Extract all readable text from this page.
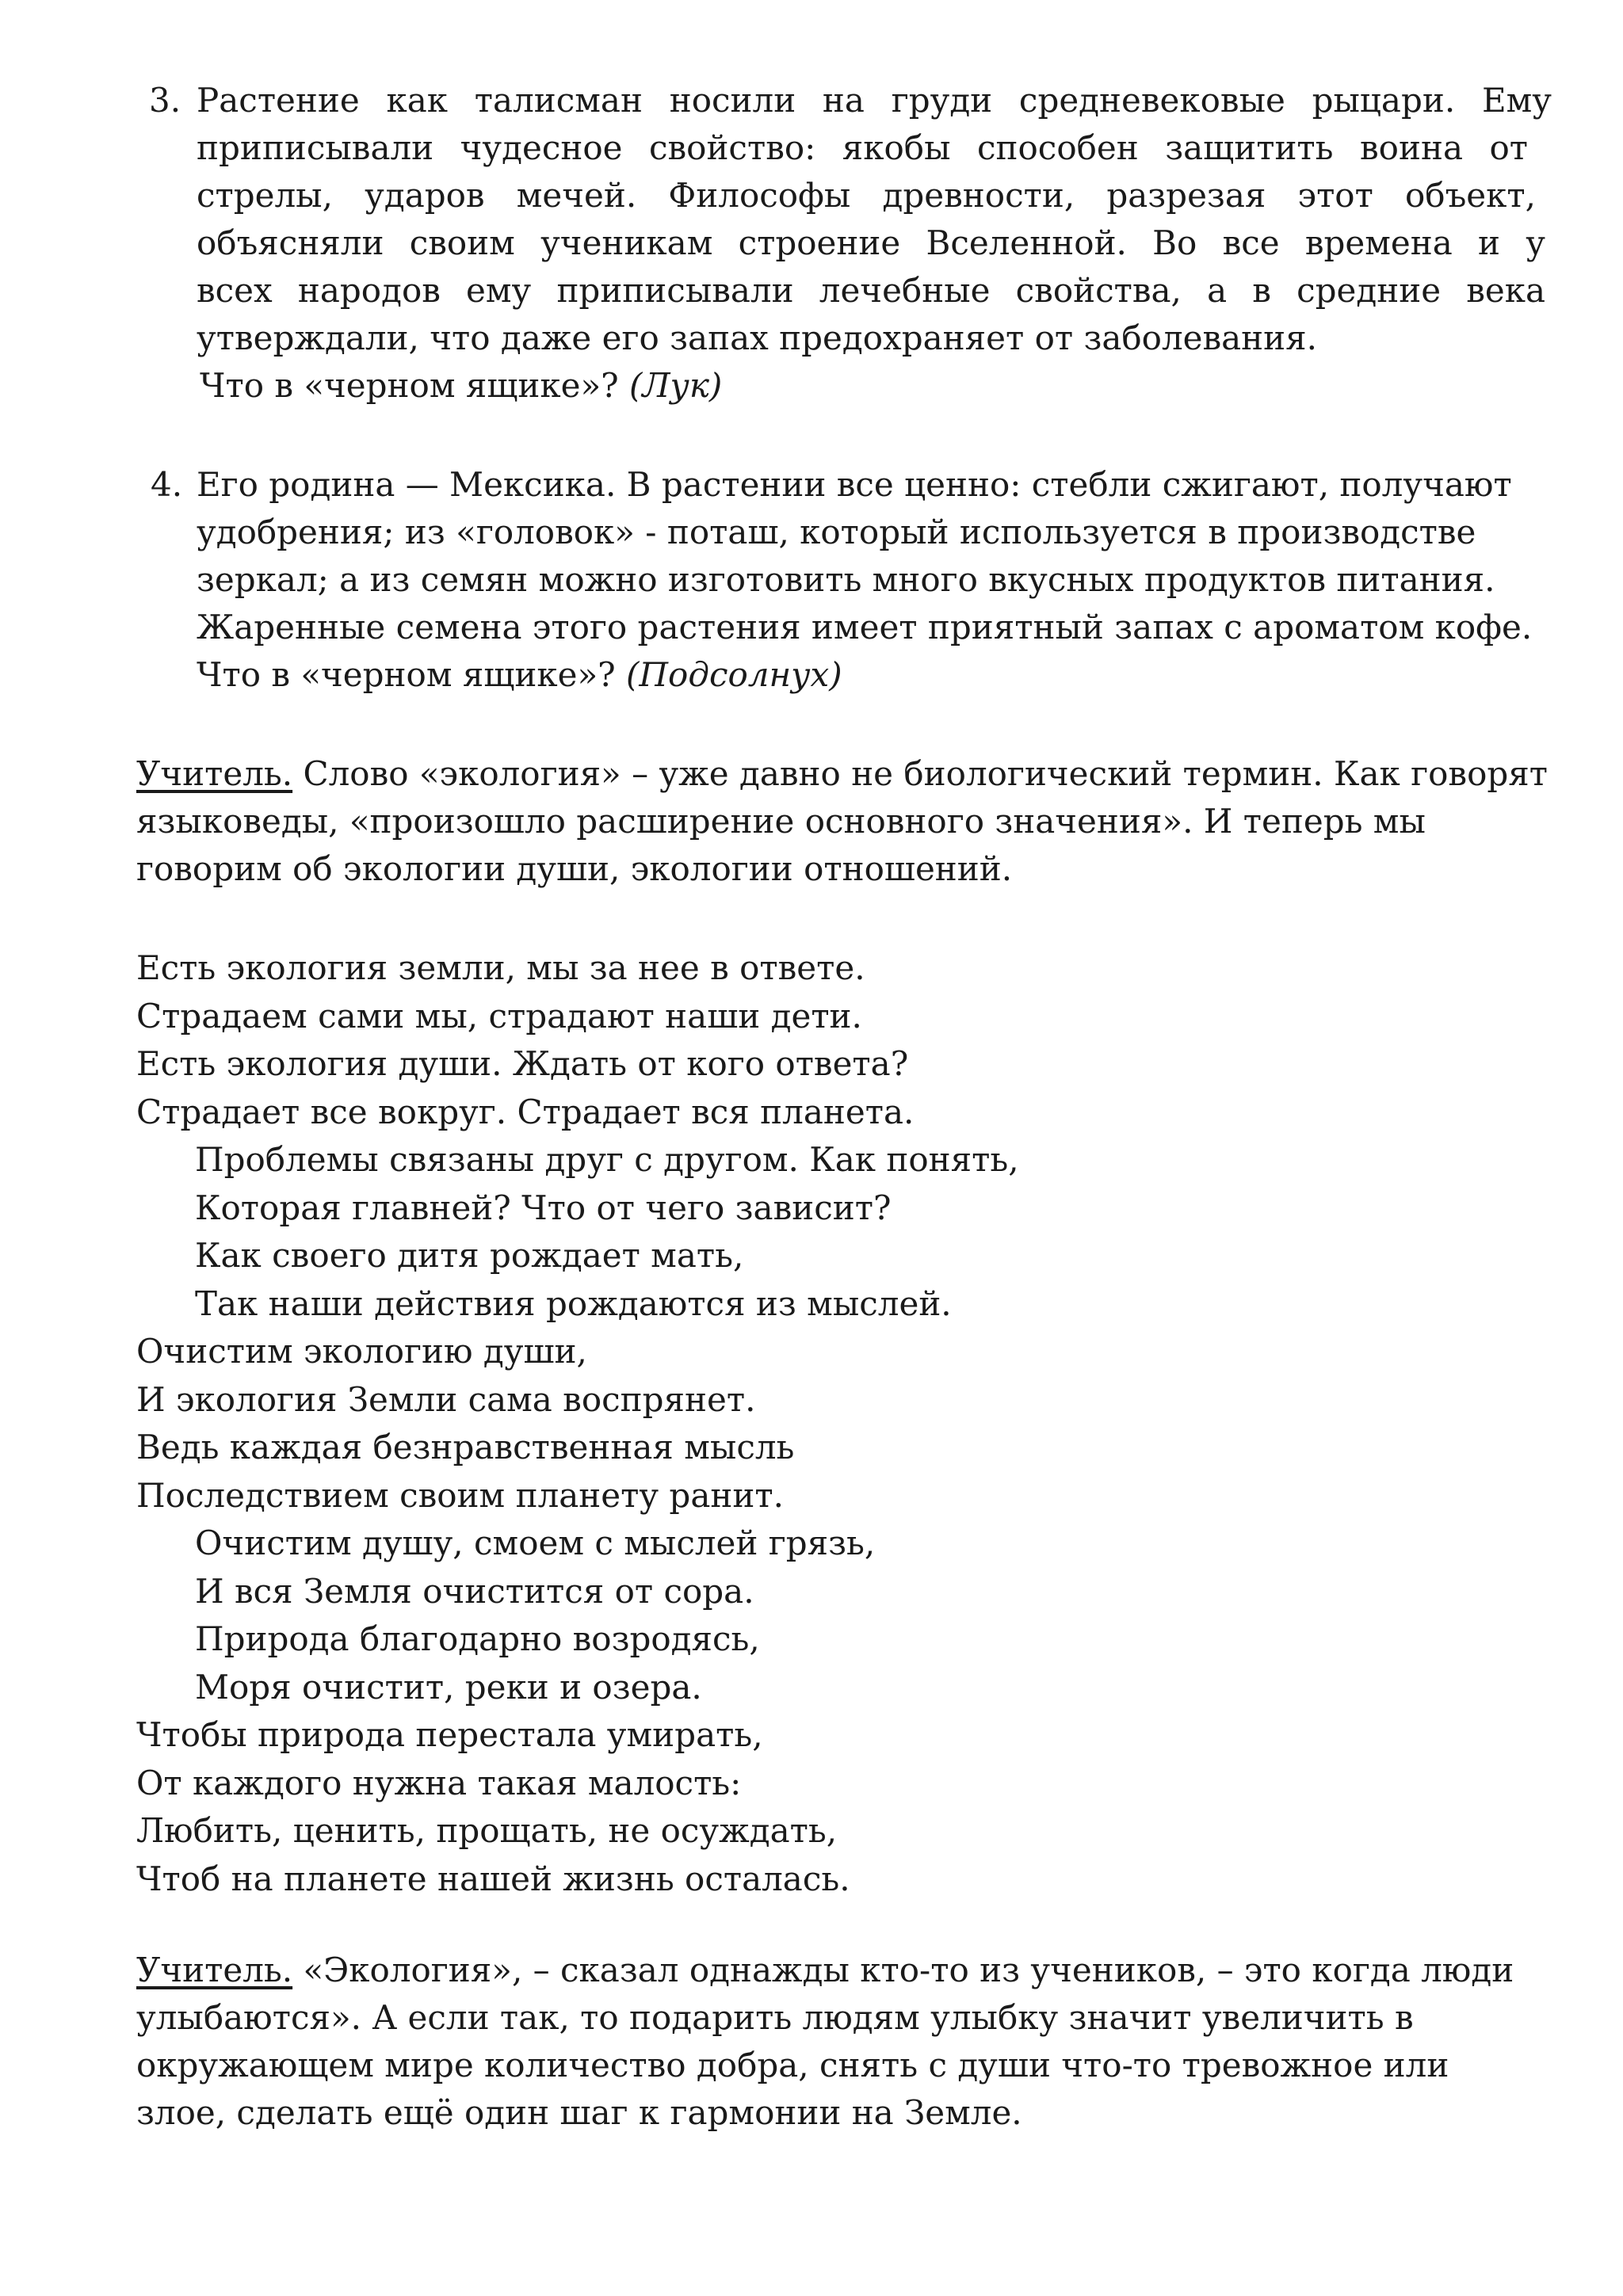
3. Растение как талисман носили на груди средневековые рыцари. Ему
приписывали чудесное свойство: якобы способен защитить воина от
стрелы, ударов мечей. Философы древности, разрезая этот объект,
объясняли своим ученикам строение Вселенной. Во все времена и у
всех народов ему приписывали лечебные свойства, а в средние века
утверждали, что даже его запах предохраняет от заболевания.
Что в «черном ящике»? (Лук)
4. Его родина — Мексика. В растении все ценно: стебли сжигают, получают
удобрения; из «головок» - поташ, который используется в производстве
зеркал; а из семян можно изготовить много вкусных продуктов питания.
Жаренные семена этого растения имеет приятный запах с ароматом кофе.
Что в «черном ящике»? (Подсолнух)
Учитель. Слово «экология» – уже давно не биологический термин. Как говорят
языковеды, «произошло расширение основного значения». И теперь мы
говорим об экологии души, экологии отношений.
Есть экология земли, мы за нее в ответе.
Страдаем сами мы, страдают наши дети.
Есть экология души. Ждать от кого ответа?
Страдает все вокруг. Страдает вся планета.
Проблемы связаны друг с другом. Как понять,
Которая главней? Что от чего зависит?
Как своего дитя рождает мать,
Так наши действия рождаются из мыслей.
Очистим экологию души,
И экология Земли сама воспрянет.
Ведь каждая безнравственная мысль
Последствием своим планету ранит.
Очистим душу, смоем с мыслей грязь,
И вся Земля очистится от сора.
Природа благодарно возродясь,
Моря очистит, реки и озера.
Чтобы природа перестала умирать,
От каждого нужна такая малость:
Любить, ценить, прощать, не осуждать,
Чтоб на планете нашей жизнь осталась.
Учитель. «Экология», – сказал однажды кто-то из учеников, – это когда люди
улыбаются». А если так, то подарить людям улыбку значит увеличить в
окружающем мире количество добра, снять с души что-то тревожное или
злое, сделать ещё один шаг к гармонии на Земле.
